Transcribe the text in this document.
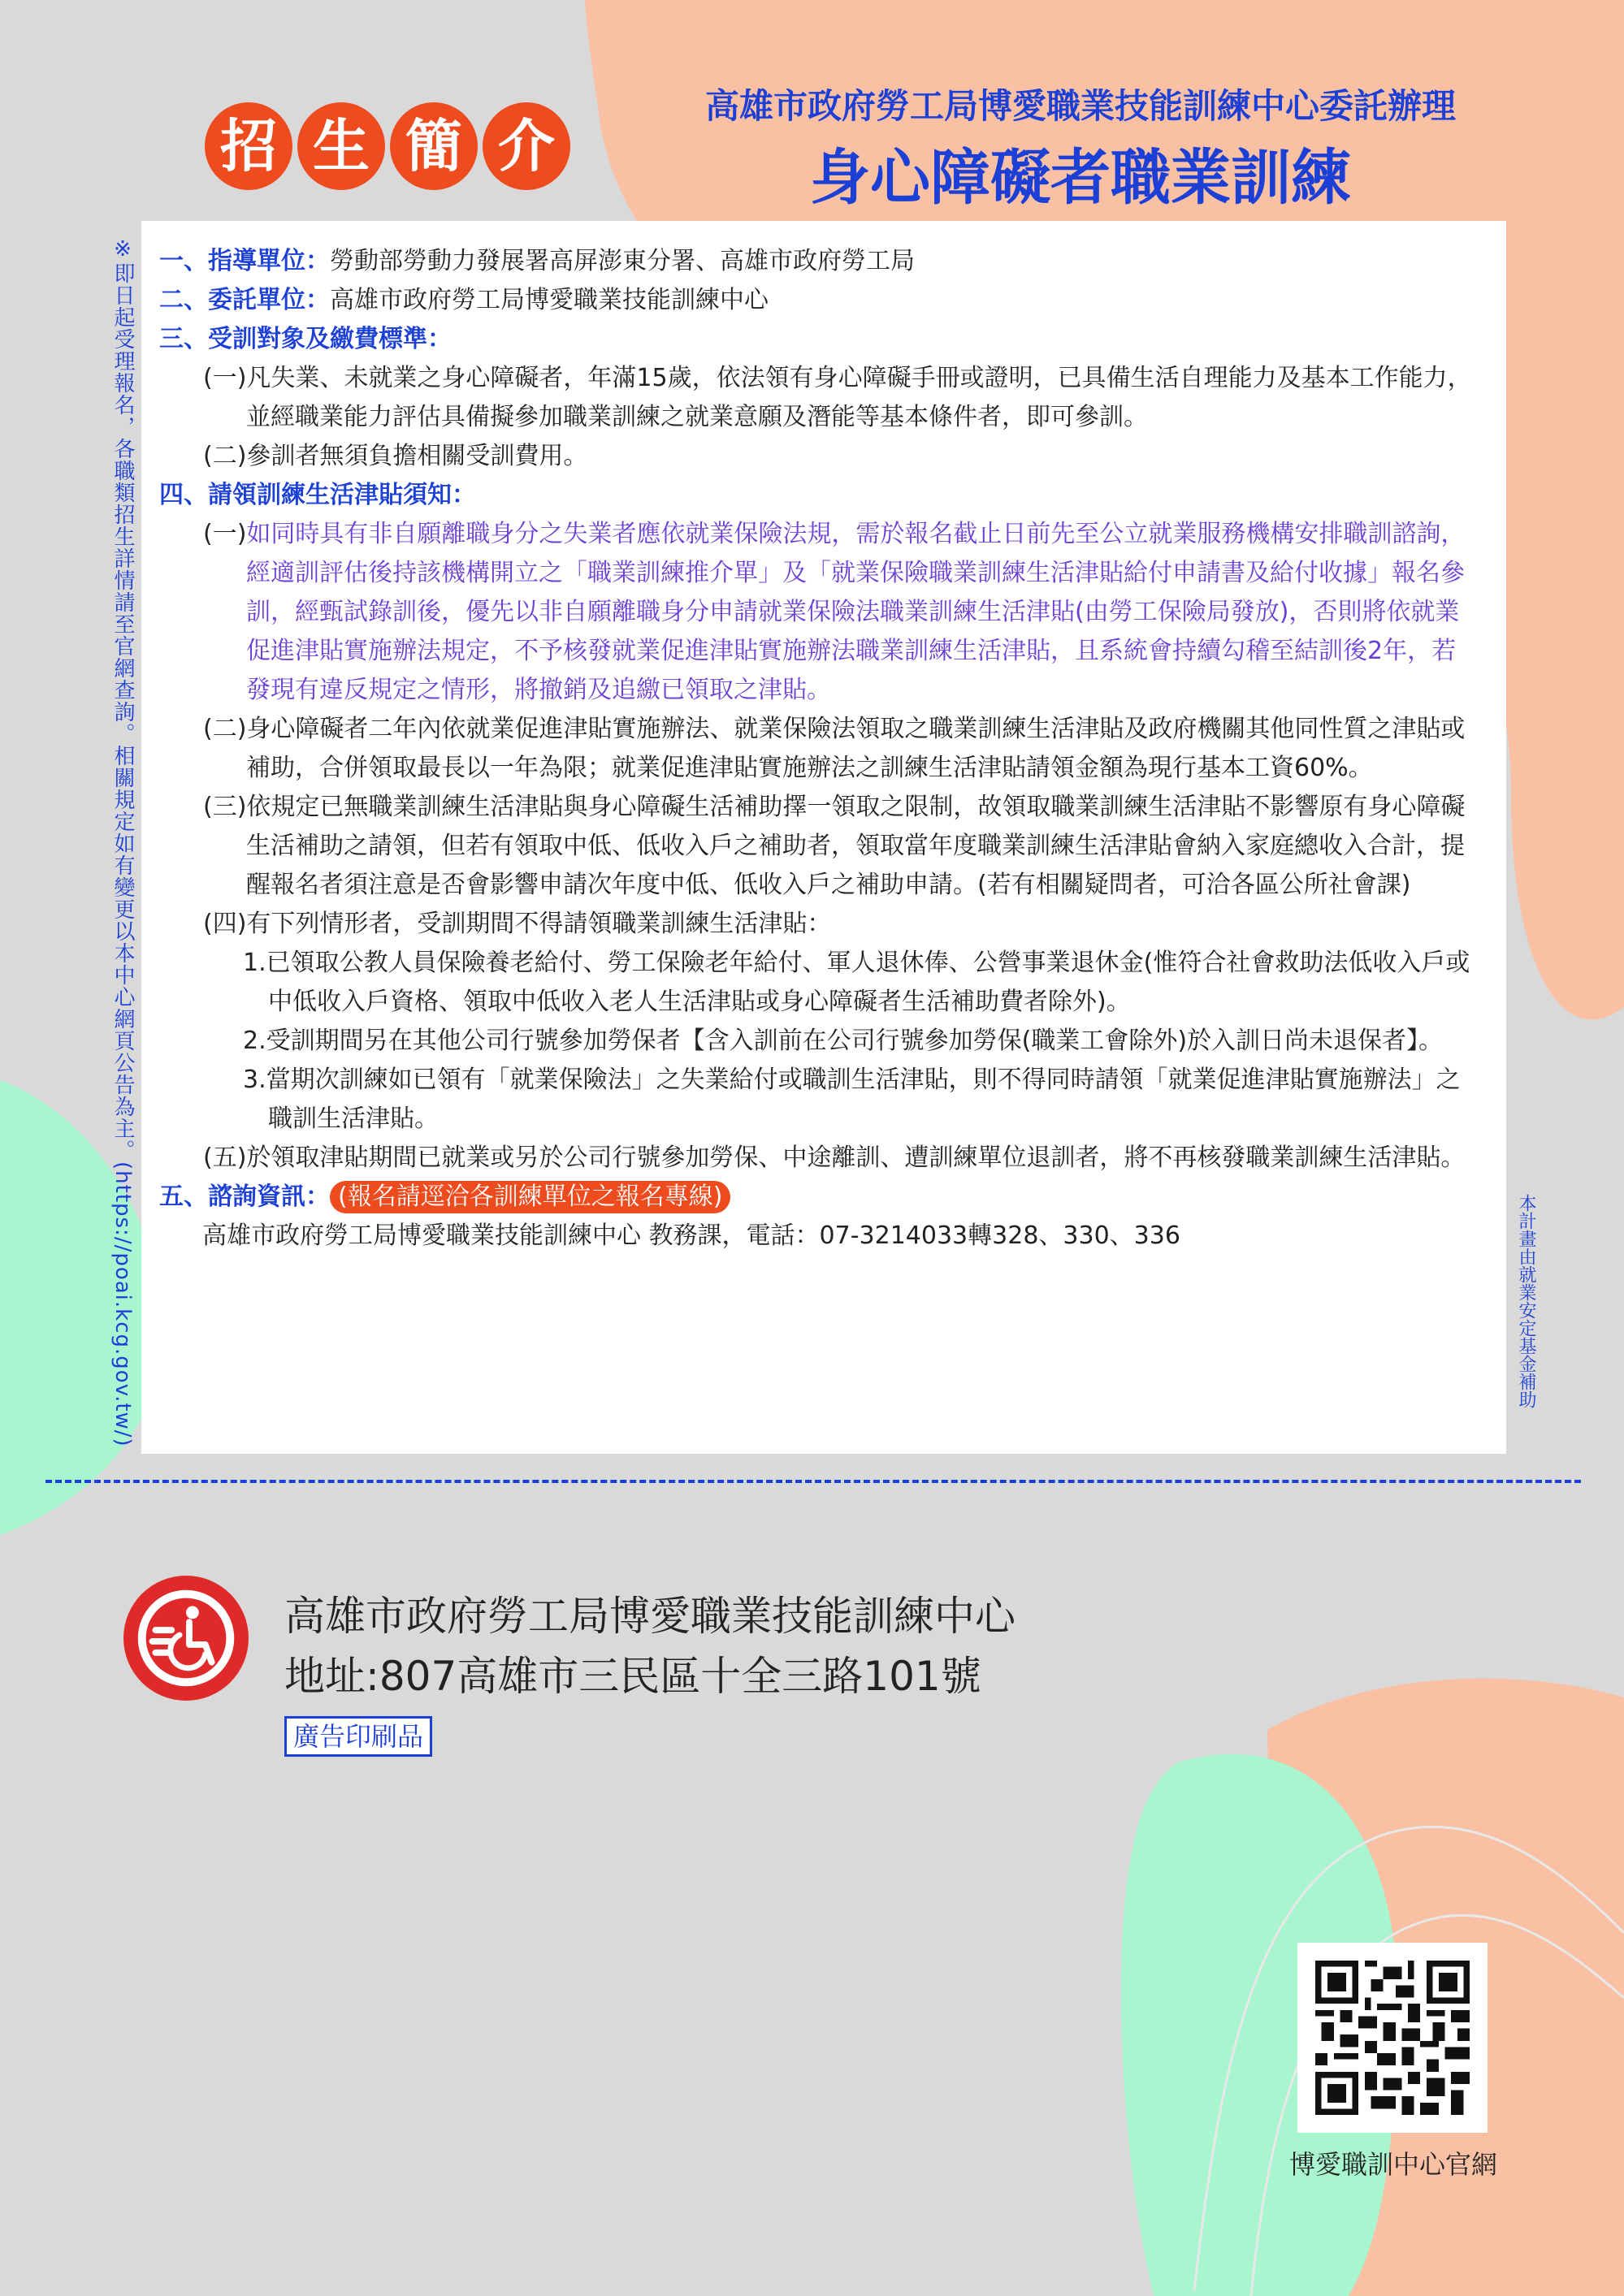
招 生 簡 介
高雄市政府勞工局博愛職業技能訓練中心委託辦理
身心障礙者職業訓練
※即日起受理報名，各職類招生詳情請至官網查詢。相關規定如有變更以本中心網頁公告為主。(https://poai.kcg.gov.tw/)	本計畫由就業安定基金補助

一、指導單位：勞動部勞動力發展署高屏澎東分署、高雄市政府勞工局

二、委託單位：高雄市政府勞工局博愛職業技能訓練中心

三、受訓對象及繳費標準：

(一)凡失業、未就業之身心障礙者，年滿15歲，依法領有身心障礙手冊或證明，已具備生活自理能力及基本工作能力，並經職業能力評估具備擬參加職業訓練之就業意願及潛能等基本條件者，即可參訓。

(二)參訓者無須負擔相關受訓費用。

四、請領訓練生活津貼須知：

(一)如同時具有非自願離職身分之失業者應依就業保險法規，需於報名截止日前先至公立就業服務機構安排職訓諮詢，經適訓評估後持該機構開立之「職業訓練推介單」及「就業保險職業訓練生活津貼給付申請書及給付收據」報名參訓，經甄試錄訓後，優先以非自願離職身分申請就業保險法職業訓練生活津貼(由勞工保險局發放)，否則將依就業促進津貼實施辦法規定，不予核發就業促進津貼實施辦法職業訓練生活津貼，且系統會持續勾稽至結訓後2年，若發現有違反規定之情形，將撤銷及追繳已領取之津貼。

(二)身心障礙者二年內依就業促進津貼實施辦法、就業保險法領取之職業訓練生活津貼及政府機關其他同性質之津貼或補助，合併領取最長以一年為限；就業促進津貼實施辦法之訓練生活津貼請領金額為現行基本工資60%。

(三)依規定已無職業訓練生活津貼與身心障礙生活補助擇一領取之限制，故領取職業訓練生活津貼不影響原有身心障礙生活補助之請領，但若有領取中低、低收入戶之補助者，領取當年度職業訓練生活津貼會納入家庭總收入合計，提醒報名者須注意是否會影響申請次年度中低、低收入戶之補助申請。(若有相關疑問者，可洽各區公所社會課)

(四)有下列情形者，受訓期間不得請領職業訓練生活津貼：

1.已領取公教人員保險養老給付、勞工保險老年給付、軍人退休俸、公營事業退休金(惟符合社會救助法低收入戶或中低收入戶資格、領取中低收入老人生活津貼或身心障礙者生活補助費者除外)。

2.受訓期間另在其他公司行號參加勞保者【含入訓前在公司行號參加勞保(職業工會除外)於入訓日尚未退保者】。

3.當期次訓練如已領有「就業保險法」之失業給付或職訓生活津貼，則不得同時請領「就業促進津貼實施辦法」之職訓生活津貼。

(五)於領取津貼期間已就業或另於公司行號參加勞保、中途離訓、遭訓練單位退訓者，將不再核發職業訓練生活津貼。

五、諮詢資訊： (報名請逕洽各訓練單位之報名專線)

高雄市政府勞工局博愛職業技能訓練中心 教務課，電話：07-3214033轉328、330、336

高雄市政府勞工局博愛職業技能訓練中心
地址:807高雄市三民區十全三路101號
廣告印刷品
博愛職訓中心官網
